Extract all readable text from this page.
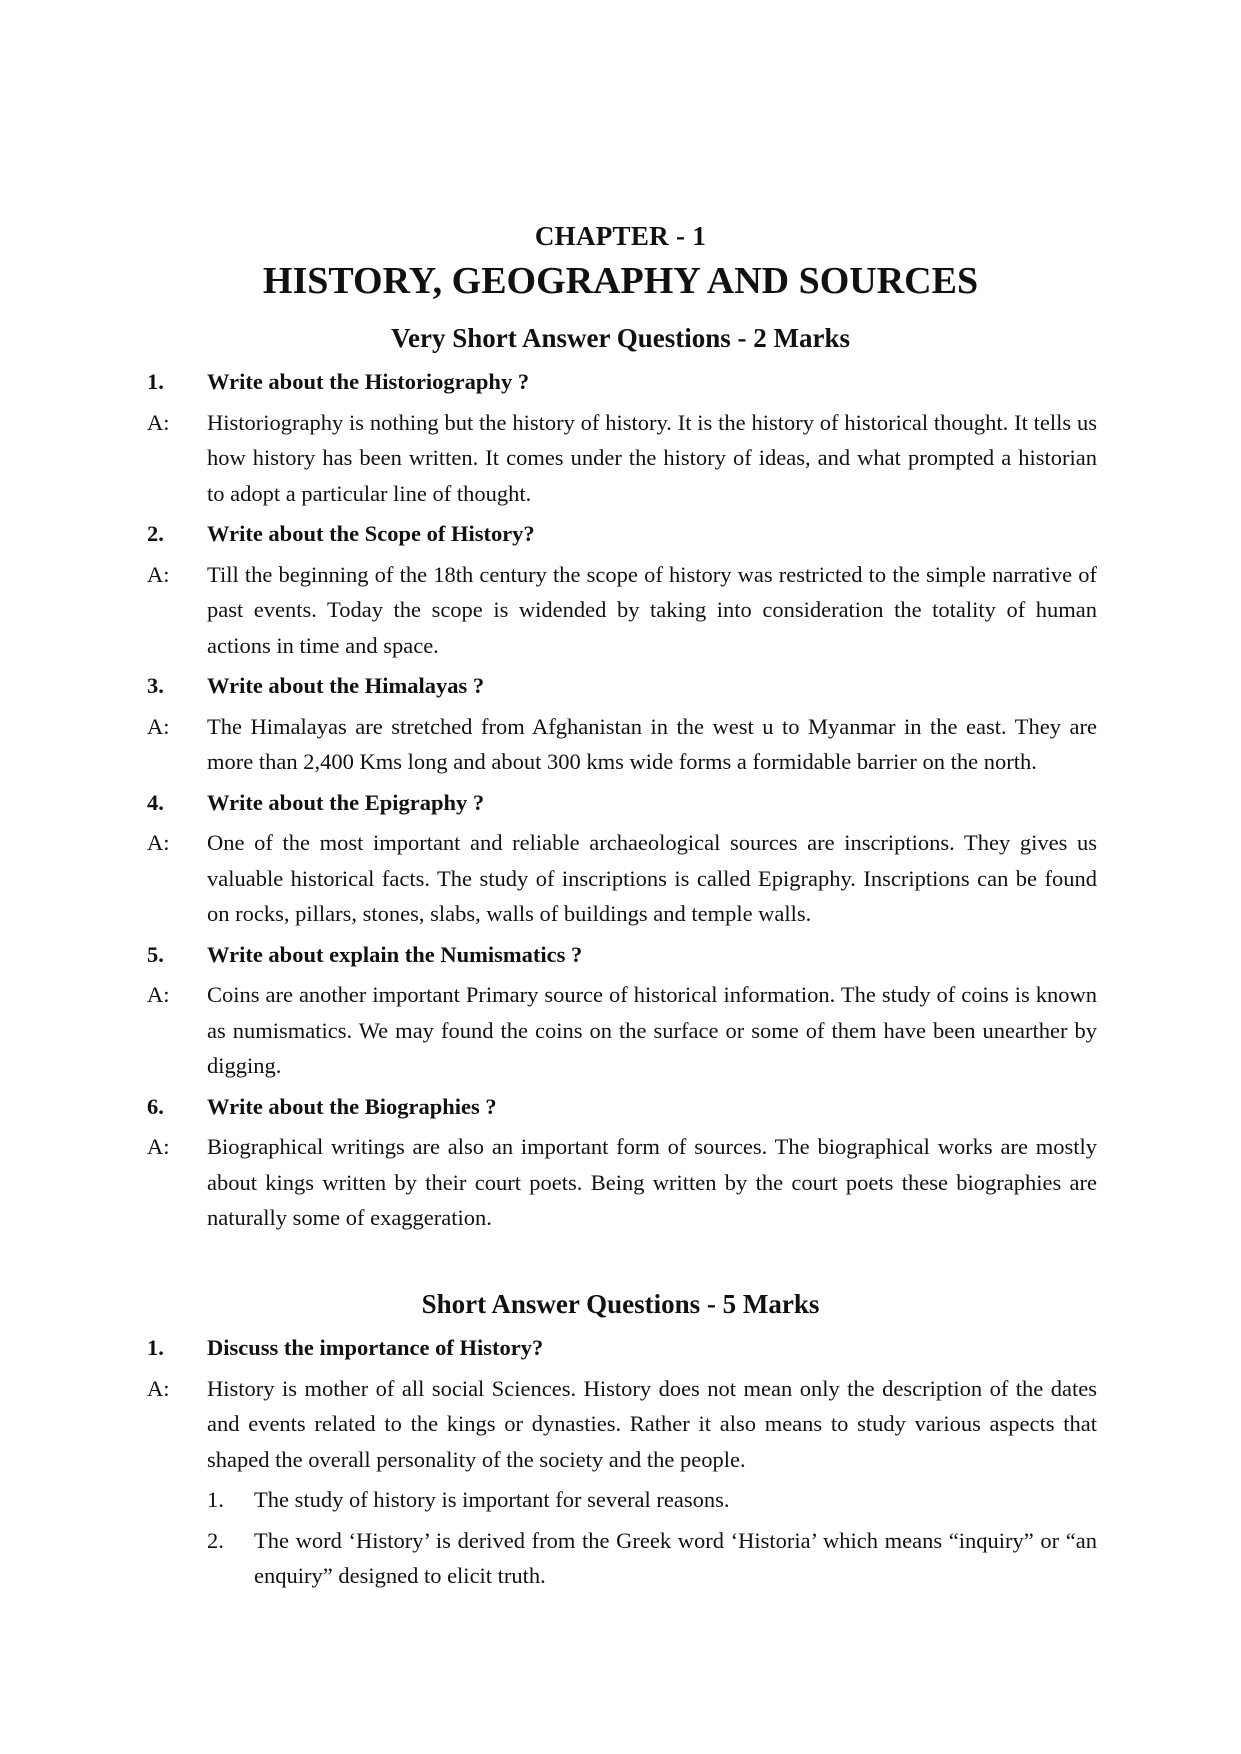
CHAPTER - 1
HISTORY, GEOGRAPHY AND SOURCES
Very Short Answer Questions - 2 Marks
1.	Write about the Historiography ?
A:	Historiography is nothing but the history of history. It is the history of historical thought. It tells us how history has been written. It comes under the history of ideas, and what prompted a historian to adopt a particular line of thought.
2.	Write about the Scope of History?
A:	Till the beginning of the 18th century the scope of history was restricted to the simple narrative of past events. Today the scope is widended by taking into consideration the totality of human actions in time and space.
3.	Write about the Himalayas ?
A:	The Himalayas are stretched from Afghanistan in the west u to Myanmar in the east. They are more than 2,400 Kms long and about 300 kms wide forms a formidable barrier on the north.
4.	Write about the Epigraphy ?
A:	One of the most important and reliable archaeological sources are inscriptions. They gives us valuable historical facts. The study of inscriptions is called Epigraphy. Inscriptions can be found on rocks, pillars, stones, slabs, walls of buildings and temple walls.
5.	Write about explain the Numismatics ?
A:	Coins are another important Primary source of historical information. The study of coins is known as numismatics. We may found the coins on the surface or some of them have been unearther by digging.
6.	Write about the Biographies ?
A:	Biographical writings are also an important form of sources. The biographical works are mostly about kings written by their court poets. Being written by the court poets these biographies are naturally some of exaggeration.
Short Answer Questions - 5 Marks
1.	Discuss the importance of History?
A:	History is mother of all social Sciences. History does not mean only the description of the dates and events related to the kings or dynasties. Rather it also means to study various aspects that shaped the overall personality of the society and the people.
1.	The study of history is important for several reasons.
2.	The word ‘History’ is derived from the Greek word ‘Historia’ which means “inquiry” or “an enquiry” designed to elicit truth.
